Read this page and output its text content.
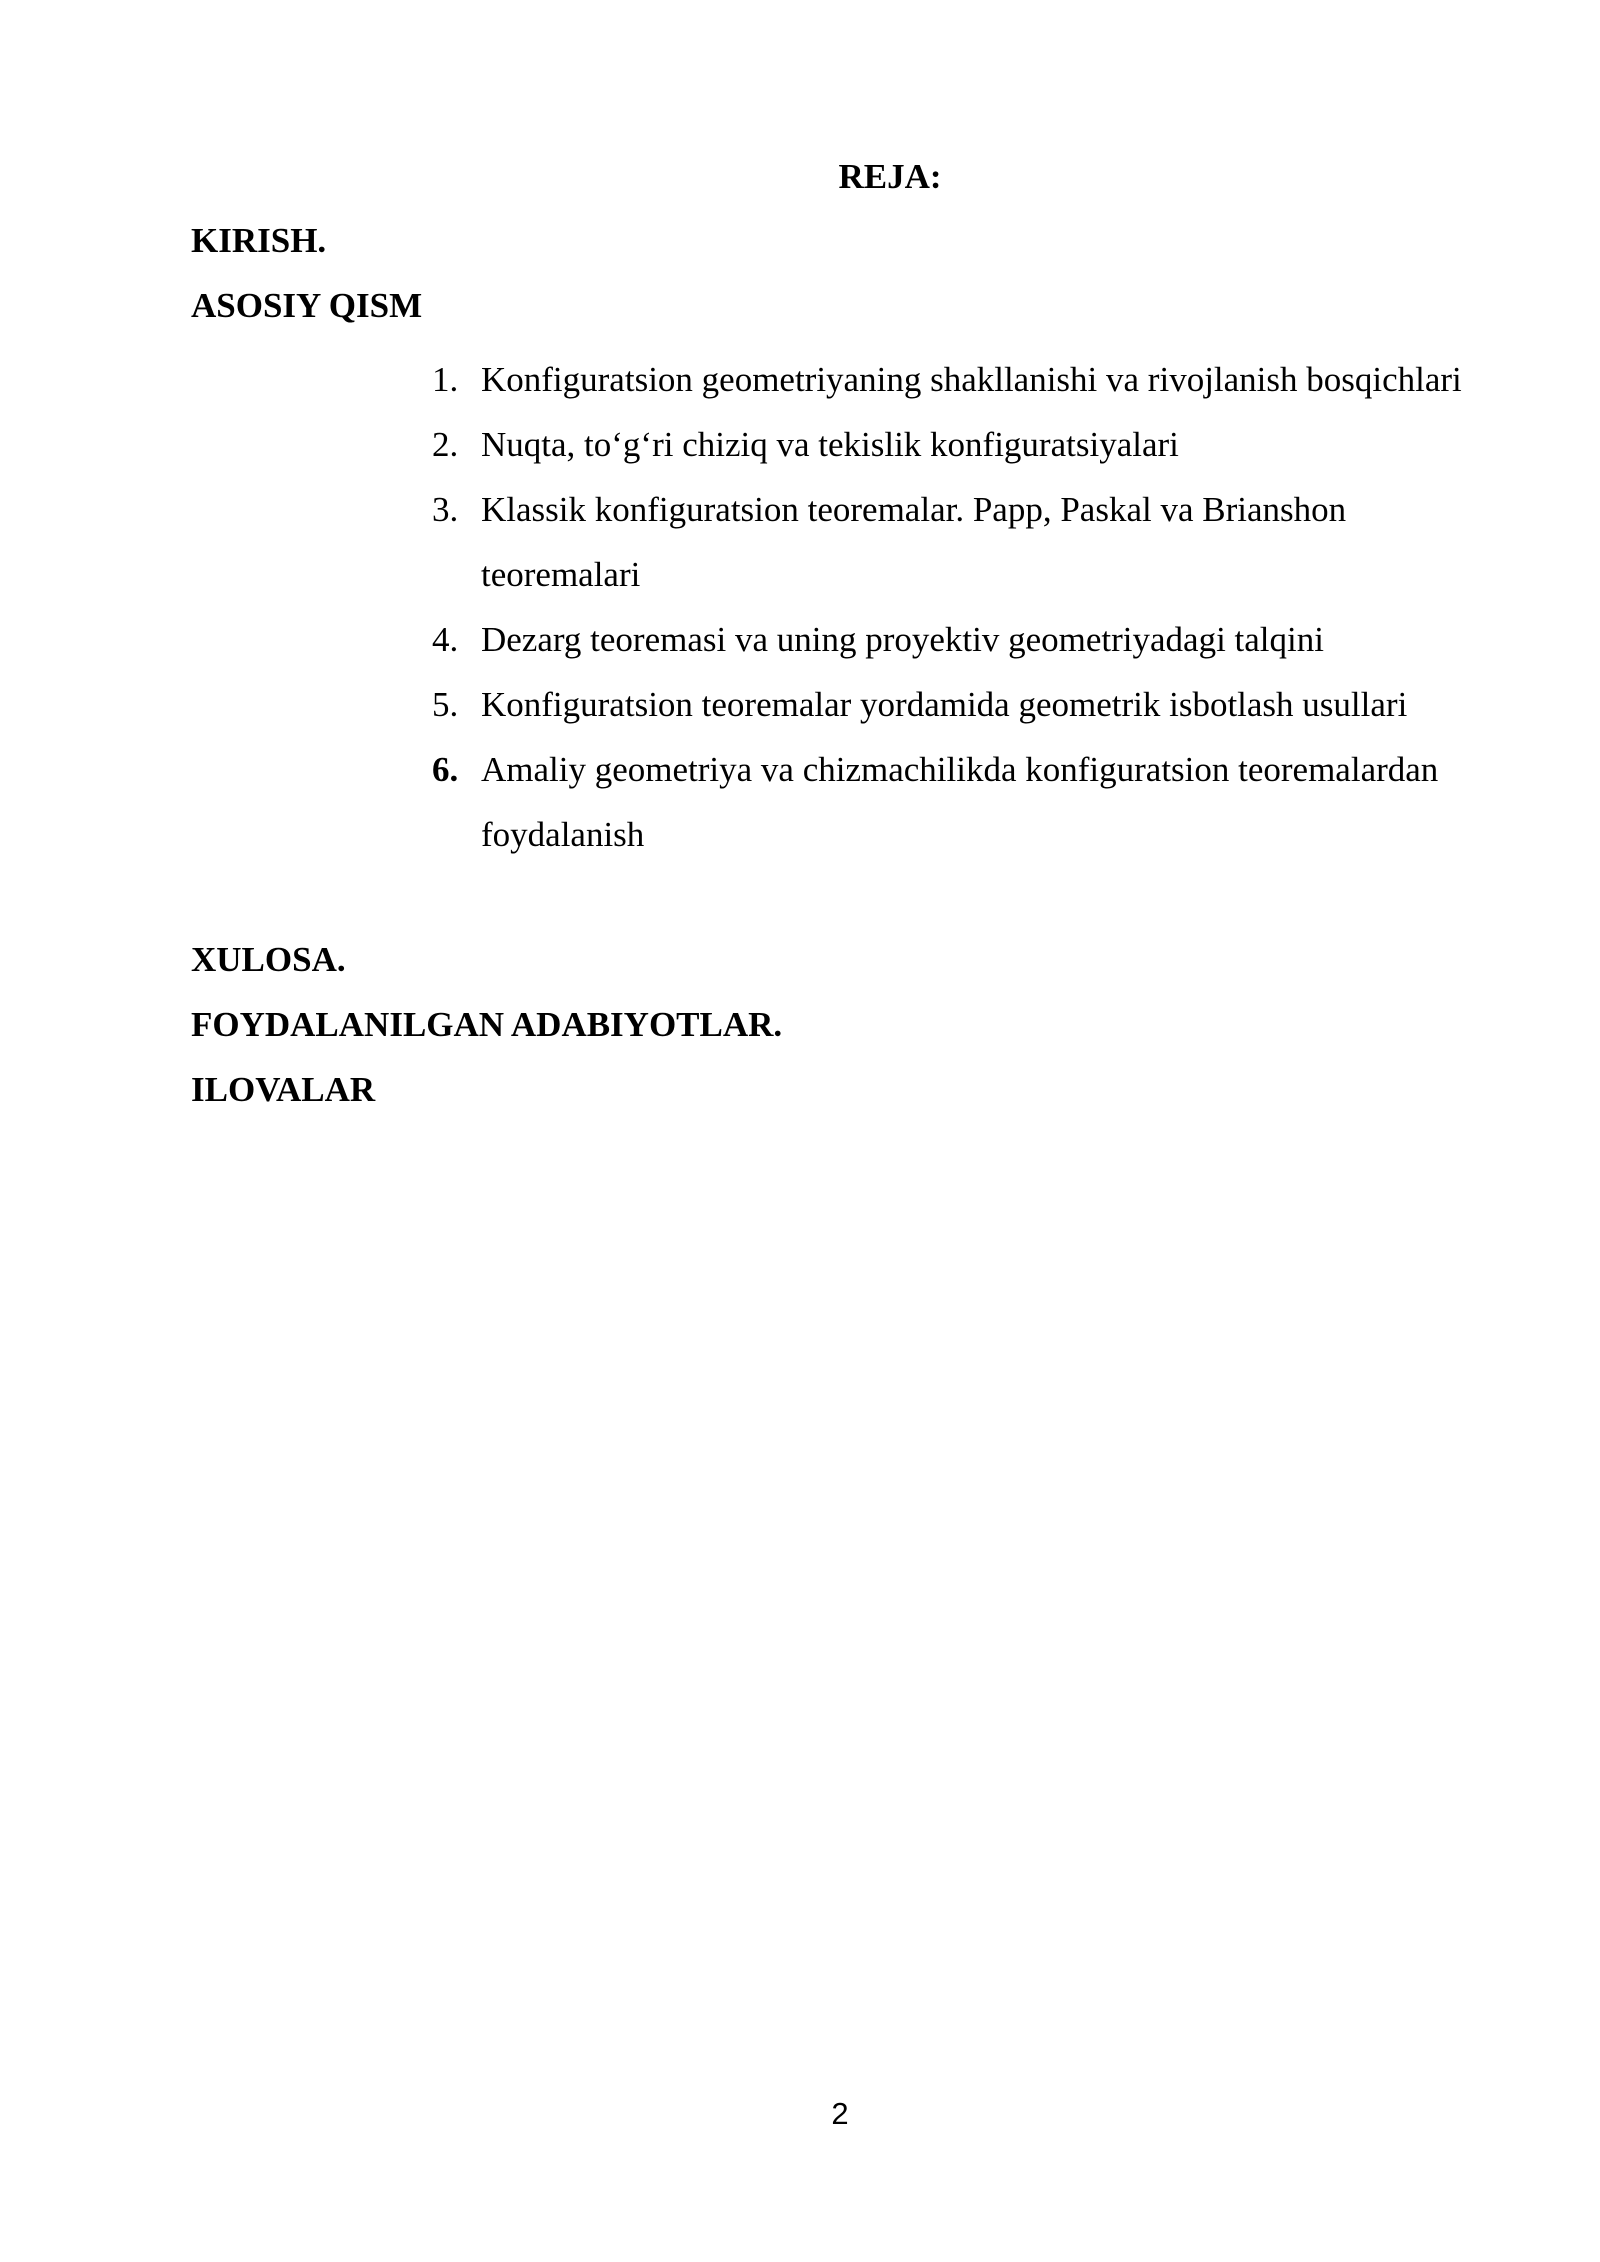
REJA:
KIRISH.
ASOSIY QISM
1. Konfiguratsion geometriyaning shakllanishi va rivojlanish bosqichlari
2. Nuqta, to‘g‘ri chiziq va tekislik konfiguratsiyalari
3. Klassik konfiguratsion teoremalar. Papp, Paskal va Brianshon teoremalari
4. Dezarg teoremasi va uning proyektiv geometriyadagi talqini
5. Konfiguratsion teoremalar yordamida geometrik isbotlash usullari
6. Amaliy geometriya va chizmachilikda konfiguratsion teoremalardan foydalanish
XULOSA.
FOYDALANILGAN ADABIYOTLAR.
ILOVALAR
2
